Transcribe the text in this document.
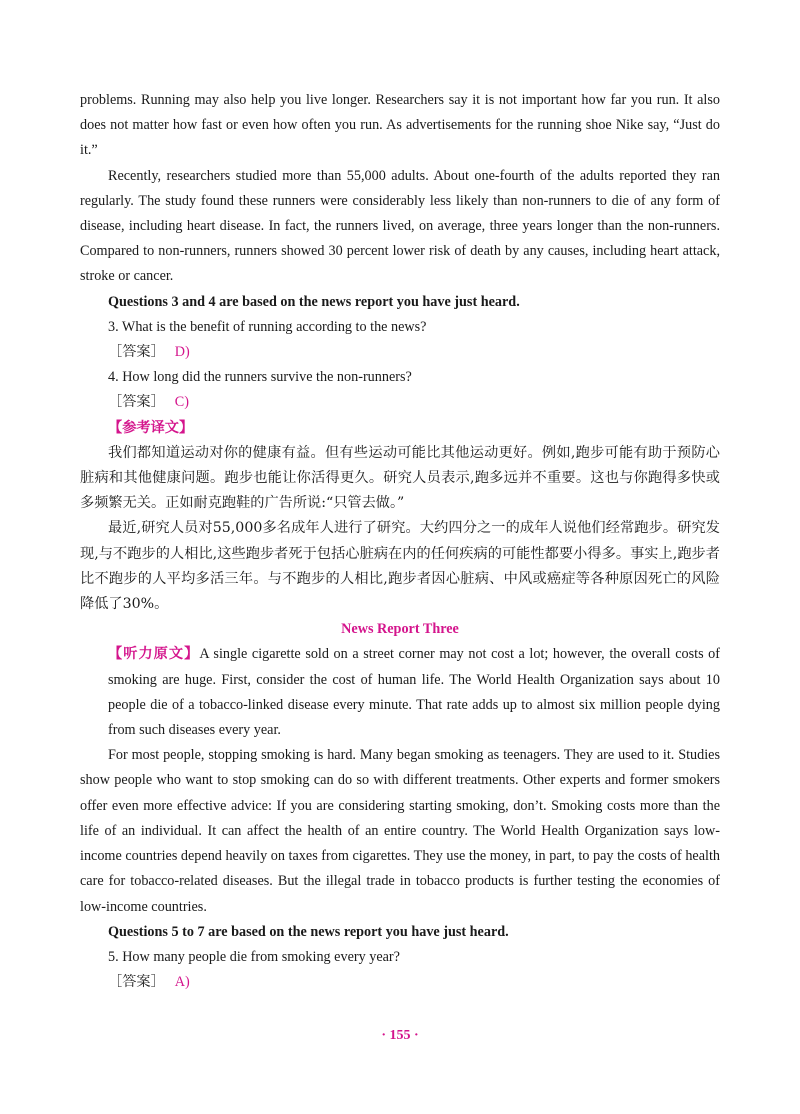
problems. Running may also help you live longer. Researchers say it is not important how far you run. It also does not matter how fast or even how often you run. As advertisements for the running shoe Nike say, “Just do it.”

Recently, researchers studied more than 55,000 adults. About one-fourth of the adults reported they ran regularly. The study found these runners were considerably less likely than non-runners to die of any form of disease, including heart disease. In fact, the runners lived, on average, three years longer than the non-runners. Compared to non-runners, runners showed 30 percent lower risk of death by any causes, including heart attack, stroke or cancer.

Questions 3 and 4 are based on the news report you have just heard.

3. What is the benefit of running according to the news?

［答案］ D)

4. How long did the runners survive the non-runners?

［答案］ C)

【参考译文】

我们都知道运动对你的健康有益。但有些运动可能比其他运动更好。例如,跑步可能有助于预防心脏病和其他健康问题。跑步也能让你活得更久。研究人员表示,跑多远并不重要。这也与你跑得多快或多频繁无关。正如耐克跑鞋的广告所说:“只管去做。”

最近,研究人员对55,000多名成年人进行了研究。大约四分之一的成年人说他们经常跑步。研究发现,与不跑步的人相比,这些跑步者死于包括心脏病在内的任何疾病的可能性都要小得多。事实上,跑步者比不跑步的人平均多活三年。与不跑步的人相比,跑步者因心脏病、中风或癌症等各种原因死亡的风险降低了30%。

News Report Three

【听力原文】A single cigarette sold on a street corner may not cost a lot; however, the overall costs of smoking are huge. First, consider the cost of human life. The World Health Organization says about 10 people die of a tobacco-linked disease every minute. That rate adds up to almost six million people dying from such diseases every year.

For most people, stopping smoking is hard. Many began smoking as teenagers. They are used to it. Studies show people who want to stop smoking can do so with different treatments. Other experts and former smokers offer even more effective advice: If you are considering starting smoking, don’t. Smoking costs more than the life of an individual. It can affect the health of an entire country. The World Health Organization says low-income countries depend heavily on taxes from cigarettes. They use the money, in part, to pay the costs of health care for tobacco-related diseases. But the illegal trade in tobacco products is further testing the economies of low-income countries.

Questions 5 to 7 are based on the news report you have just heard.

5. How many people die from smoking every year?

［答案］ A)

· 155 ·
